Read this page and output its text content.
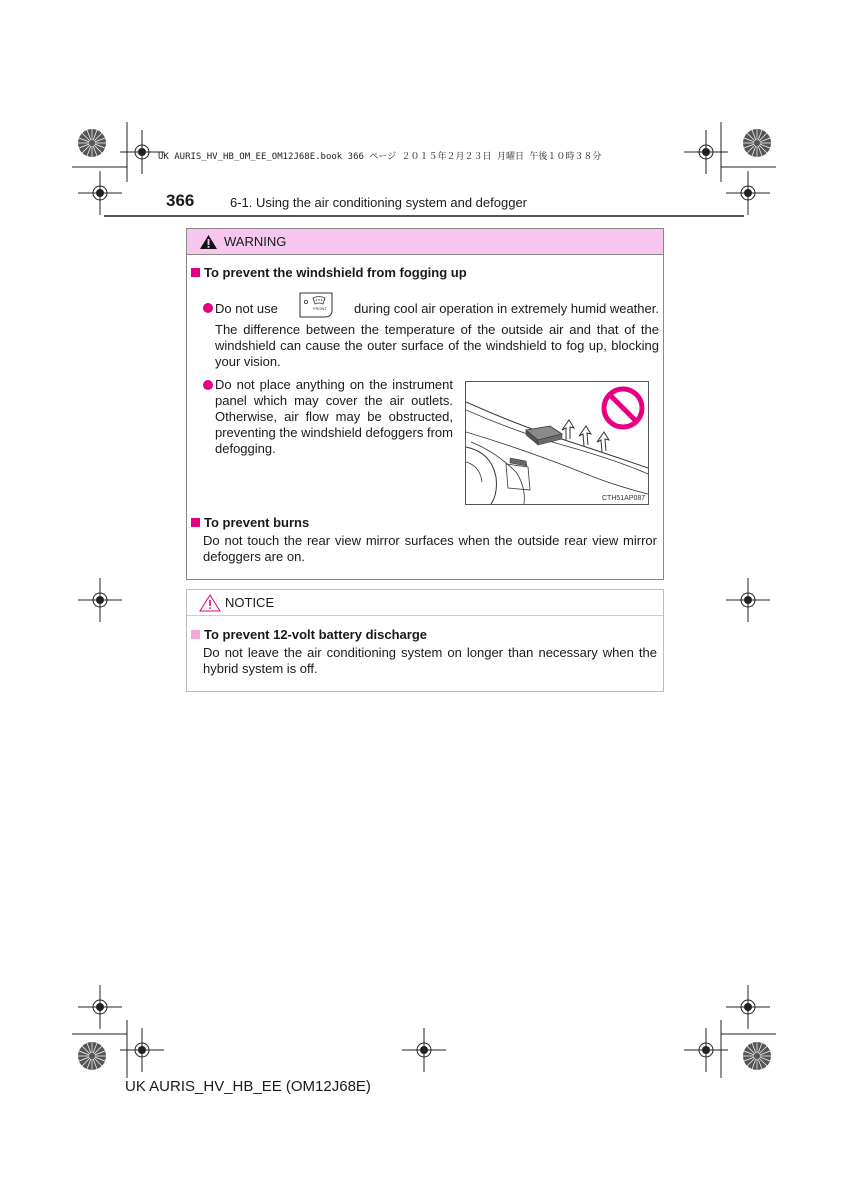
UK AURIS_HV_HB_OM_EE_OM12J68E.book 366 ページ ２０１５年２月２３日 月曜日 午後１０時３８分
366	6-1. Using the air conditioning system and defogger
WARNING
To prevent the windshield from fogging up
Do not use	FRONT during cool air operation in extremely humid weather.
The difference between the temperature of the outside air and that of the windshield can cause the outer surface of the windshield to fog up, blocking your vision.
Do not place anything on the instrument panel which may cover the air outlets. Otherwise, air flow may be obstructed, preventing the windshield defoggers from defogging.
CTH51AP087
To prevent burns
Do not touch the rear view mirror surfaces when the outside rear view mirror defoggers are on.
NOTICE
To prevent 12-volt battery discharge
Do not leave the air conditioning system on longer than necessary when the hybrid system is off.
UK AURIS_HV_HB_EE (OM12J68E)
